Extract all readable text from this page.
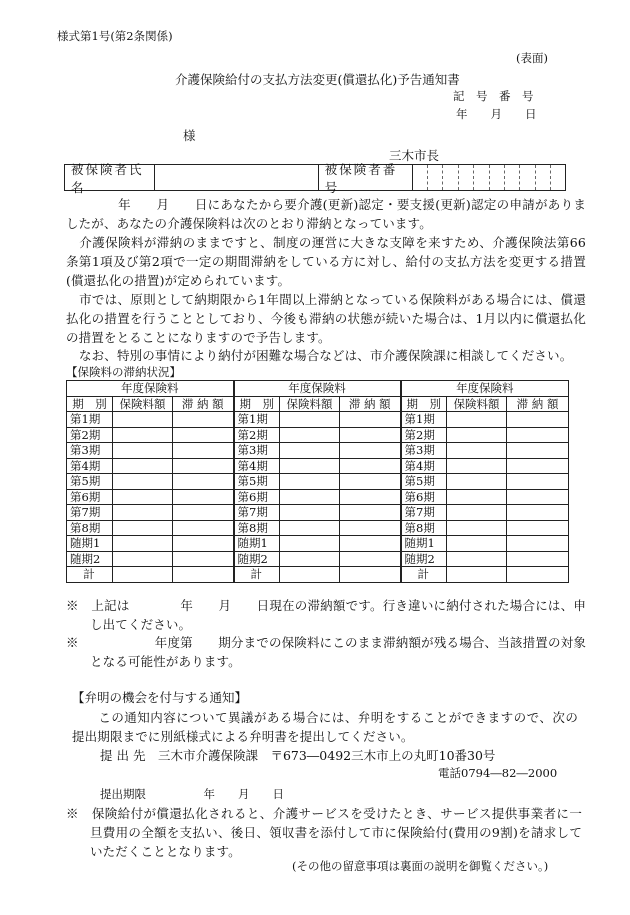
様式第1号(第2条関係)
(表面)
介護保険給付の支払方法変更(償還払化)予告通知書
記　号　番　号
年　　月　　日
様
三木市長
被保険者氏名
被保険者番号
年　　月　　日にあなたから要介護(更新)認定・要支援(更新)認定の申請がありましたが、あなたの介護保険料は次のとおり滞納となっています。
介護保険料が滞納のままですと、制度の運営に大きな支障を来すため、介護保険法第66条第1項及び第2項で一定の期間滞納をしている方に対し、給付の支払方法を変更する措置(償還払化の措置)が定められています。
市では、原則として納期限から1年間以上滞納となっている保険料がある場合には、償還払化の措置を行うこととしており、今後も滞納の状態が続いた場合は、1月以内に償還払化の措置をとることになりますので予告します。
なお、特別の事情により納付が困難な場合などは、市介護保険課に相談してください。
【保険料の滞納状況】
年度保険料			年度保険料			年度保険料		
期　別	保険料額	滞 納 額	期　別	保険料額	滞 納 額	期　別	保険料額	滞 納 額
第1期			第1期			第1期		
第2期			第2期			第2期		
第3期			第3期			第3期		
第4期			第4期			第4期		
第5期			第5期			第5期		
第6期			第6期			第6期		
第7期			第7期			第7期		
第8期			第8期			第8期		
随期1			随期1			随期1		
随期2			随期2			随期2		
計			計			計		
※　上記は　　　　年　　月　　日現在の滞納額です。行き違いに納付された場合には、申し出てください。
※　　　　　　年度第　　期分までの保険料にこのまま滞納額が残る場合、当該措置の対象となる可能性があります。
【弁明の機会を付与する通知】
この通知内容について異議がある場合には、弁明をすることができますので、次の提出期限までに別紙様式による弁明書を提出してください。
提 出 先　三木市介護保険課　〒673―0492三木市上の丸町10番30号
電話0794―82―2000
提出期限　　　　　年　　月　　日
※　保険給付が償還払化されると、介護サービスを受けたとき、サービス提供事業者に一旦費用の全額を支払い、後日、領収書を添付して市に保険給付(費用の9割)を請求していただくこととなります。
(その他の留意事項は裏面の説明を御覧ください。)
